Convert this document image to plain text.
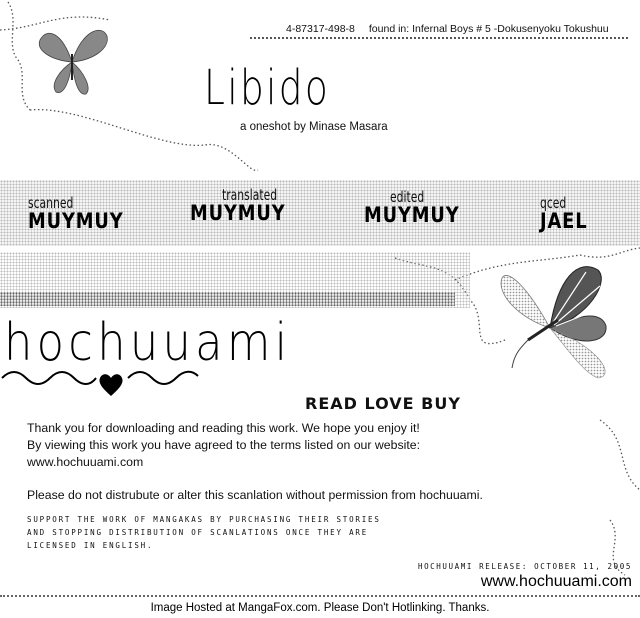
4-87317-498-8 found in: Infernal Boys # 5 -Dokusenyoku Tokushuu
Libido
a oneshot by Minase Masara
scanned
MUYMUY
translated
MUYMUY
edited
MUYMUY	qced
JAEL
hochuuami
READ LOVE BUY
Thank you for downloading and reading this work. We hope you enjoy it!
By viewing this work you have agreed to the terms listed on our website:
www.hochuuami.com
Please do not distrubute or alter this scanlation without permission from hochuuami.
SUPPORT THE WORK OF MANGAKAS BY PURCHASING THEIR STORIES
AND STOPPING DISTRIBUTION OF SCANLATIONS ONCE THEY ARE
LICENSED IN ENGLISH.
HOCHUUAMI RELEASE: OCTOBER 11, 2005
www.hochuuami.com
Image Hosted at MangaFox.com. Please Don't Hotlinking. Thanks.
